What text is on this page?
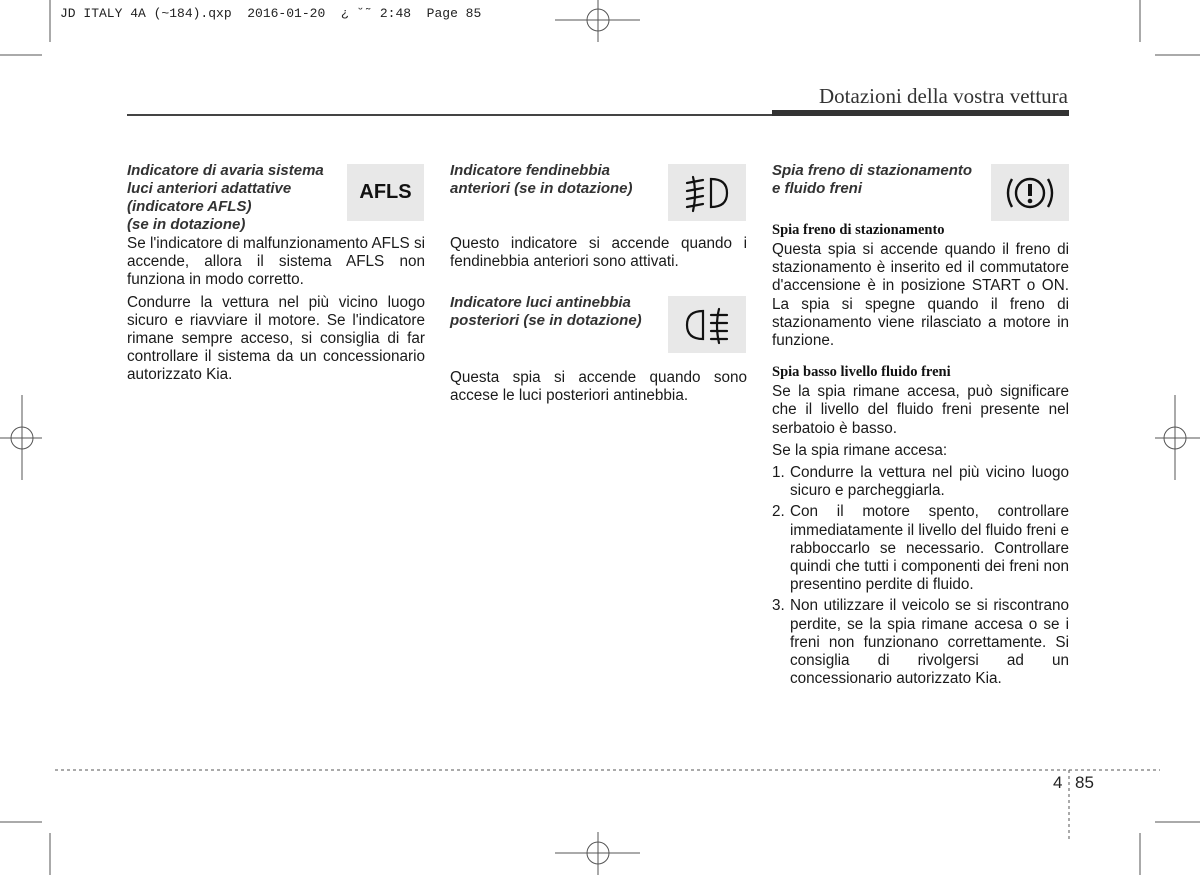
JD ITALY 4A (~184).qxp  2016-01-20  ¿ ˘˜ 2:48  Page 85
Dotazioni della vostra vettura
Indicatore di avaria sistema
luci anteriori adattative
(indicatore AFLS)
(se in dotazione)

Se l'indicatore di malfunzionamento AFLS si accende, allora il sistema AFLS non funziona in modo corretto.

Condurre la vettura nel più vicino luogo sicuro e riavviare il motore. Se l'indicatore rimane sempre acceso, si consiglia di far controllare il sistema da un concessionario autorizzato Kia.

AFLS
Indicatore fendinebbia
anteriori (se in dotazione)
Questo indicatore si accende quando i fendinebbia anteriori sono attivati.
Indicatore luci antinebbia
posteriori (se in dotazione)
Questa spia si accende quando sono accese le luci posteriori antinebbia.
Spia freno di stazionamento
e fluido freni
Spia freno di stazionamento
Questa spia si accende quando il freno di stazionamento è inserito ed il commutatore d'accensione è in posizione START o ON. La spia si spegne quando il freno di stazionamento viene rilasciato a motore in funzione.
Spia basso livello fluido freni

Se la spia rimane accesa, può significare che il livello del fluido freni presente nel serbatoio è basso.

Se la spia rimane accesa:

1. Condurre la vettura nel più vicino luogo sicuro e parcheggiarla.
2. Con il motore spento, controllare immediatamente il livello del fluido freni e rabboccarlo se necessario. Controllare quindi che tutti i componenti dei freni non presentino perdite di fluido.
3. Non utilizzare il veicolo se si riscontrano perdite, se la spia rimane accesa o se i freni non funzionano correttamente. Si consiglia di rivolgersi ad un concessionario autorizzato Kia.
4 85
